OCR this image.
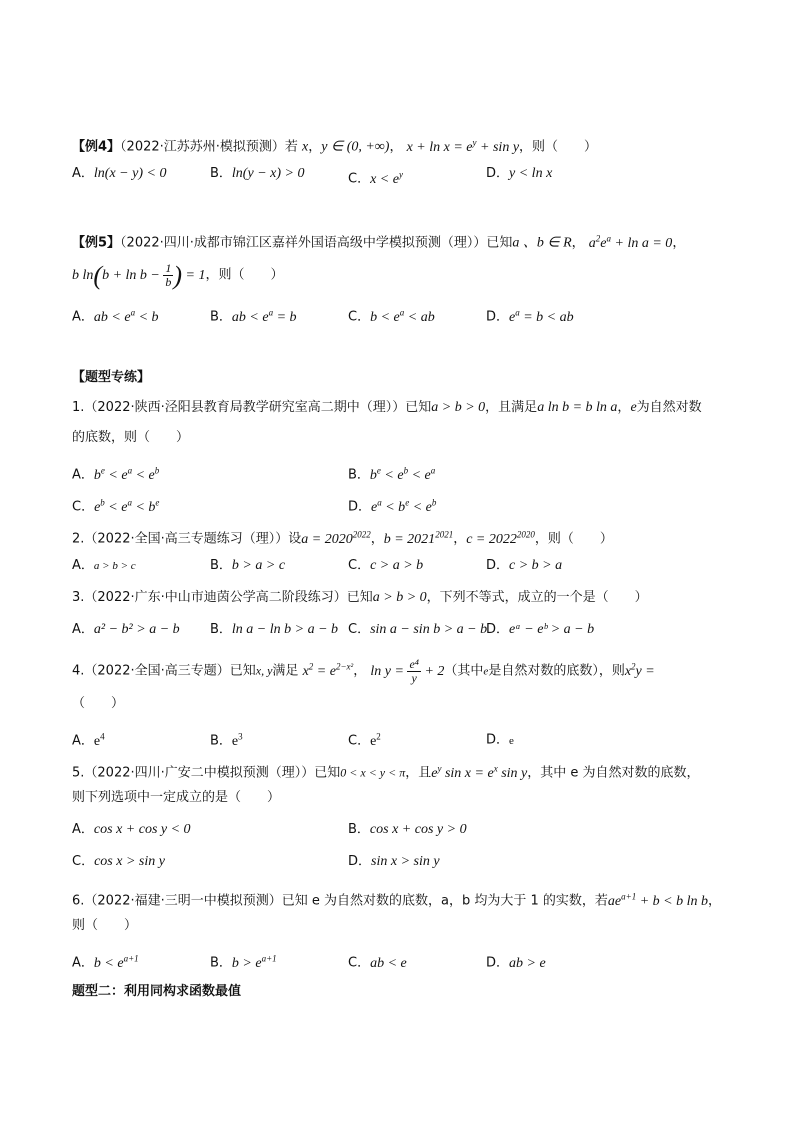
【例4】（2022·江苏苏州·模拟预测）若 x，y ∈ (0, +∞)， $x + \ln x = e^y + \sin y$，则（　　）
A．ln(x − y) < 0	B．ln(y − x) > 0	C．$x < e^y$	D．y < ln x
【例5】（2022·四川·成都市锦江区嘉祥外国语高级中学模拟预测（理））已知a 、b ∈ R， $a^2e^a + \ln a = 0$，
b $\ln(b + \ln b - \frac{1}{b}$ ) = 1，则（　　）
A．ab < $e^a < b$	B．ab < $e^a = b$	C．$b < e^a$ < ab	D．$e^a = b$ < ab
【题型专练】
1.（2022·陕西·泾阳县教育局教学研究室高二期中（理））已知a > b > 0，且满足a ln b = b ln a，e为自然对数
的底数，则（　　）
A．$b^e < e^a < e^b$	B．$b^e < e^b < e^a$
C．$e^b < e^a < b^e$	D．$e^a < b^e < e^b$
2.（2022·全国·高三专题练习（理））设$a = 2020^{2022}$，$b = 2021^{2021}$，$c = 2022^{2020}$，则（　　）
A．a > b > c	B．b > a > c	C．c > a > b	D．c > b > a
3.（2022·广东·中山市迪茵公学高二阶段练习）已知a > b > 0，下列不等式，成立的一个是（　　）
A．a² − b² > a − b B．ln a − ln b > a − b C．sin a − sin b > a − b
D．eᵃ − eᵇ > a − b
4.（2022·全国·高三专题）已知x, y满足 $x^2 = e^{2-x^2}$， $\ln y = \frac{\text{e⁴}}{y} + 2$（其中e是自然对数的底数），则$x^2y$ =
（　　）
A．$e^4$	B．$e^3$	C．$e^2$	D．e
5.（2022·四川·广安二中模拟预测（理））已知0 < x < y < π，且$e^y$ $\sin x = e^x$ sin y，其中 e 为自然对数的底数，
则下列选项中一定成立的是（　　）
A．cos x + cos y < 0	B．cos x + cos y > 0
C．cos x > sin y	D．sin x > sin y
6.（2022·福建·三明一中模拟预测）已知 e 为自然对数的底数，a，b 均为大于 1 的实数，若$ae^{a+1} + b < b$ ln b，
则（　　）
A．$b < e^{a+1}$	B．$b > e^{a+1}$	C．ab < e	D．ab > e
题型二：利用同构求函数最值
